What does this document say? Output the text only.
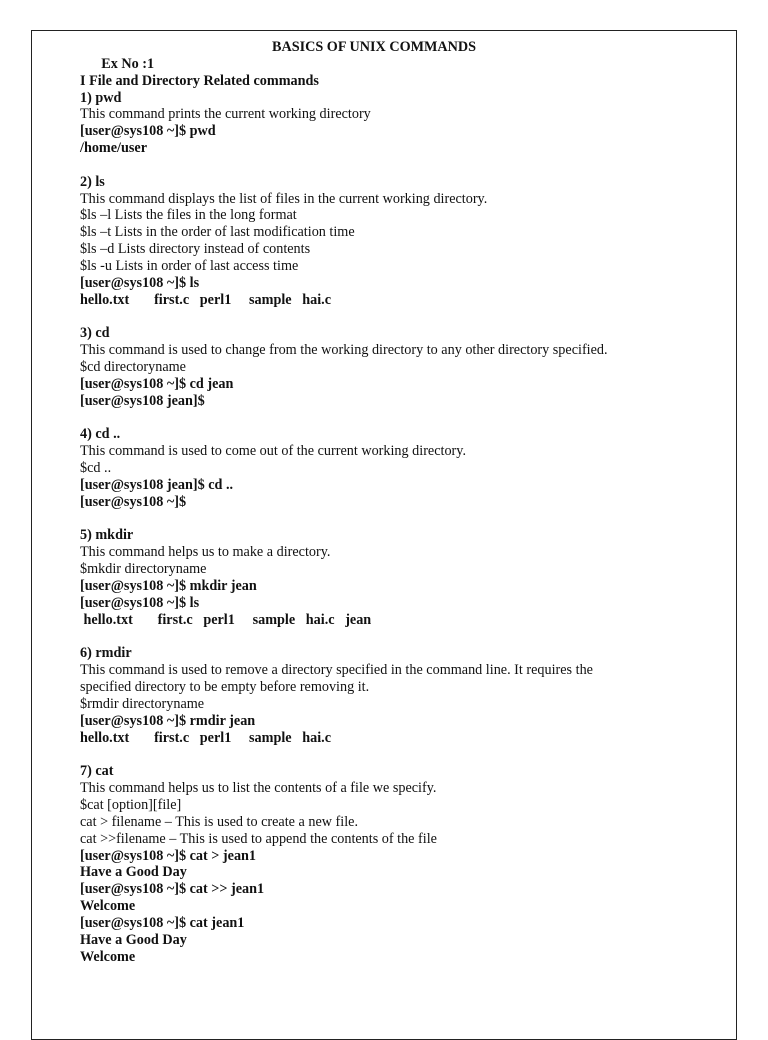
Ex No :1

BASICS OF UNIX COMMANDS

I File and Directory Related commands
1) pwd
This command prints the current working directory
[user@sys108 ~]$ pwd
/home/user
2) ls
This command displays the list of files in the current working directory.
$ls –l Lists the files in the long format
$ls –t Lists in the order of last modification time
$ls –d Lists directory instead of contents
$ls -u Lists in order of last access time
[user@sys108 ~]$ ls
hello.txt       first.c   perl1     sample   hai.c
3) cd
This command is used to change from the working directory to any other directory specified.
$cd directoryname
[user@sys108 ~]$ cd jean
[user@sys108 jean]$
4) cd ..
This command is used to come out of the current working directory.
$cd ..
[user@sys108 jean]$ cd ..
[user@sys108 ~]$
5) mkdir
This command helps us to make a directory.
$mkdir directoryname
[user@sys108 ~]$ mkdir jean
[user@sys108 ~]$ ls
hello.txt       first.c   perl1     sample   hai.c   jean
6) rmdir
This command is used to remove a directory specified in the command line. It requires the
specified directory to be empty before removing it.
$rmdir directoryname
[user@sys108 ~]$ rmdir jean
hello.txt       first.c   perl1     sample   hai.c
7) cat
This command helps us to list the contents of a file we specify.
$cat [option][file]
cat > filename – This is used to create a new file.
cat >>filename – This is used to append the contents of the file
[user@sys108 ~]$ cat > jean1
Have a Good Day
[user@sys108 ~]$ cat >> jean1
Welcome
[user@sys108 ~]$ cat jean1
Have a Good Day
Welcome
